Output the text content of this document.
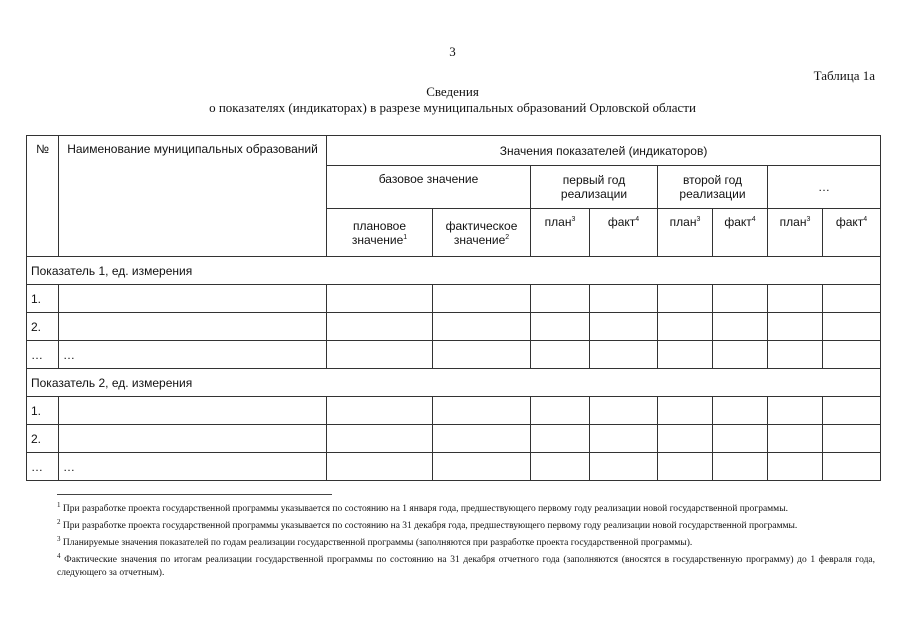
3
Таблица 1а
Сведения
о показателях (индикаторах) в разрезе муниципальных образований Орловской области
№	Наименование муниципальных образований	Значения показателей (индикаторов)							
		базовое значение		первый год реализации		второй год реализации		…	
		плановое значение$^1$	фактическое значение$^2$	план$^3$	факт$^4$	план$^3$	факт$^4$	план$^3$	факт$^4$
Показатель 1, ед. измерения									
1.									
2.									
…	…								
Показатель 2, ед. измерения									
1.									
2.									
…	…								

$^1$ При разработке проекта государственной программы указывается по состоянию на 1 января года, предшествующего первому году реализации новой государственной программы.

$^2$ При разработке проекта государственной программы указывается по состоянию на 31 декабря года, предшествующего первому году реализации новой государственной программы.

$^3$ Планируемые значения показателей по годам реализации государственной программы (заполняются при разработке проекта государственной программы).

$^4$ Фактические значения по итогам реализации государственной программы по состоянию на 31 декабря отчетного года (заполняются (вносятся в государственную программу) до 1 февраля года, следующего за отчетным).
